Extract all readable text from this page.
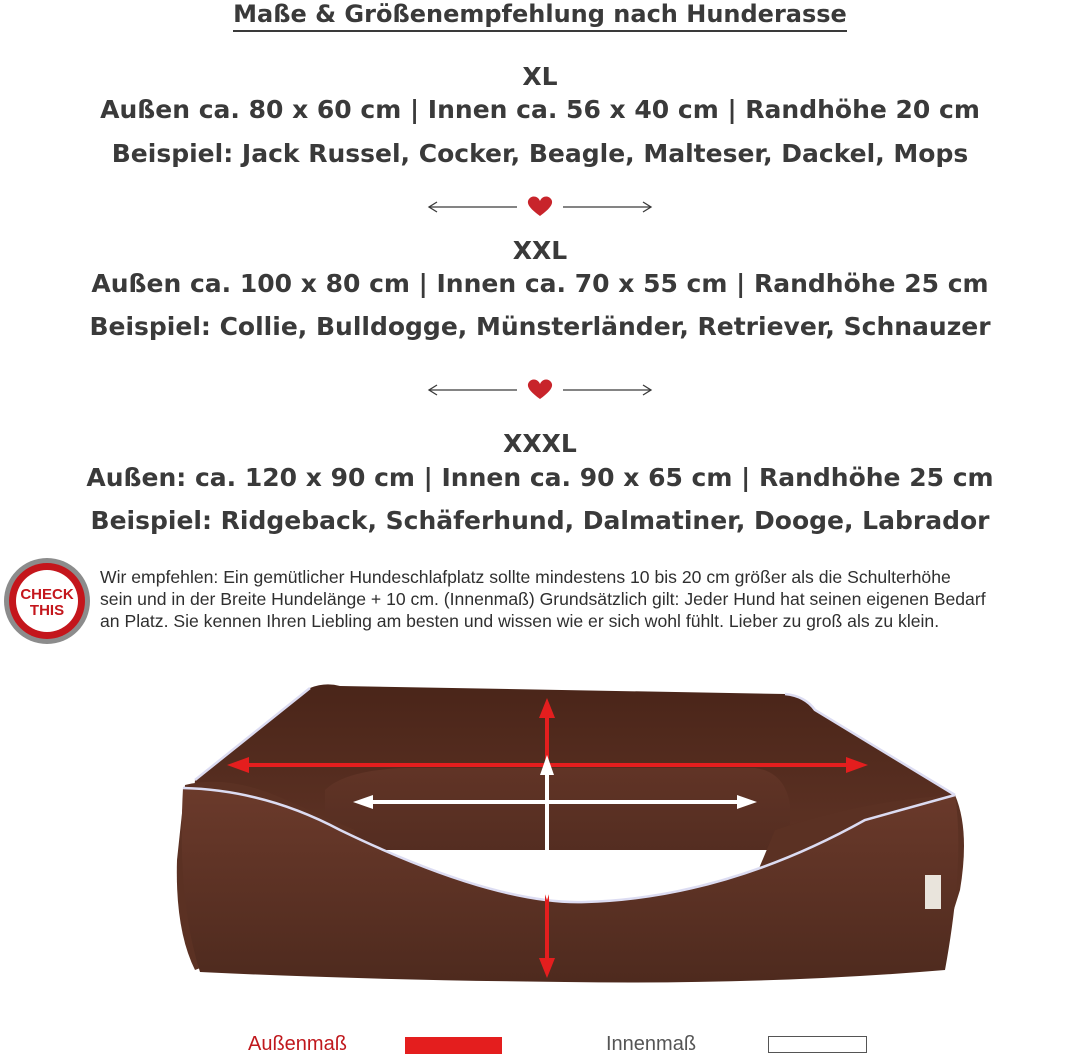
Maße & Größenempfehlung nach Hunderasse
XL
Außen ca. 80 x 60 cm | Innen ca. 56 x 40 cm | Randhöhe 20 cm
Beispiel: Jack Russel, Cocker, Beagle, Malteser, Dackel, Mops
XXL
Außen ca. 100 x 80 cm | Innen ca. 70 x 55 cm | Randhöhe 25 cm
Beispiel: Collie, Bulldogge, Münsterländer, Retriever, Schnauzer
XXXL
Außen: ca. 120 x 90 cm | Innen ca. 90 x 65 cm | Randhöhe 25 cm
Beispiel: Ridgeback, Schäferhund, Dalmatiner, Dooge, Labrador
CHECK
THIS
Wir empfehlen: Ein gemütlicher Hundeschlafplatz sollte mindestens 10 bis 20 cm größer als die Schulterhöhe
sein und in der Breite Hundelänge + 10 cm. (Innenmaß) Grundsätzlich gilt: Jeder Hund hat seinen eigenen Bedarf
an Platz. Sie kennen Ihren Liebling am besten und wissen wie er sich wohl fühlt. Lieber zu groß als zu klein.
Außenmaß	Innenmaß
